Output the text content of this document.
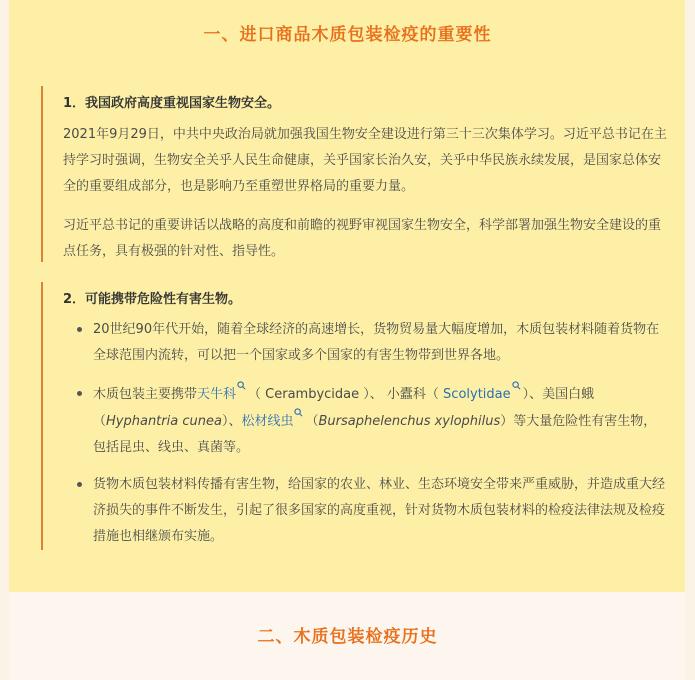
一、进口商品木质包装检疫的重要性
1．我国政府高度重视国家生物安全。

2021年9月29日，中共中央政治局就加强我国生物安全建设进行第三十三次集体学习。习近平总书记在主持学习时强调，生物安全关乎人民生命健康，关乎国家长治久安，关乎中华民族永续发展，是国家总体安全的重要组成部分，也是影响乃至重塑世界格局的重要力量。

习近平总书记的重要讲话以战略的高度和前瞻的视野审视国家生物安全，科学部署加强生物安全建设的重点任务，具有极强的针对性、指导性。

2．可能携带危险性有害生物。
20世纪90年代开始，随着全球经济的高速增长，货物贸易量大幅度增加，木质包装材料随着货物在全球范围内流转，可以把一个国家或多个国家的有害生物带到世界各地。
木质包装主要携带天牛科 （ Cerambycidae ）、 小蠹科（ Scolytidae ）、美国白蛾（Hyphantria cunea）、松材线虫 （Bursaphelenchus xylophilus）等大量危险性有害生物，包括昆虫、线虫、真菌等。
货物木质包装材料传播有害生物，给国家的农业、林业、生态环境安全带来严重威胁，并造成重大经济损失的事件不断发生，引起了很多国家的高度重视，针对货物木质包装材料的检疫法律法规及检疫措施也相继颁布实施。
二、木质包装检疫历史
